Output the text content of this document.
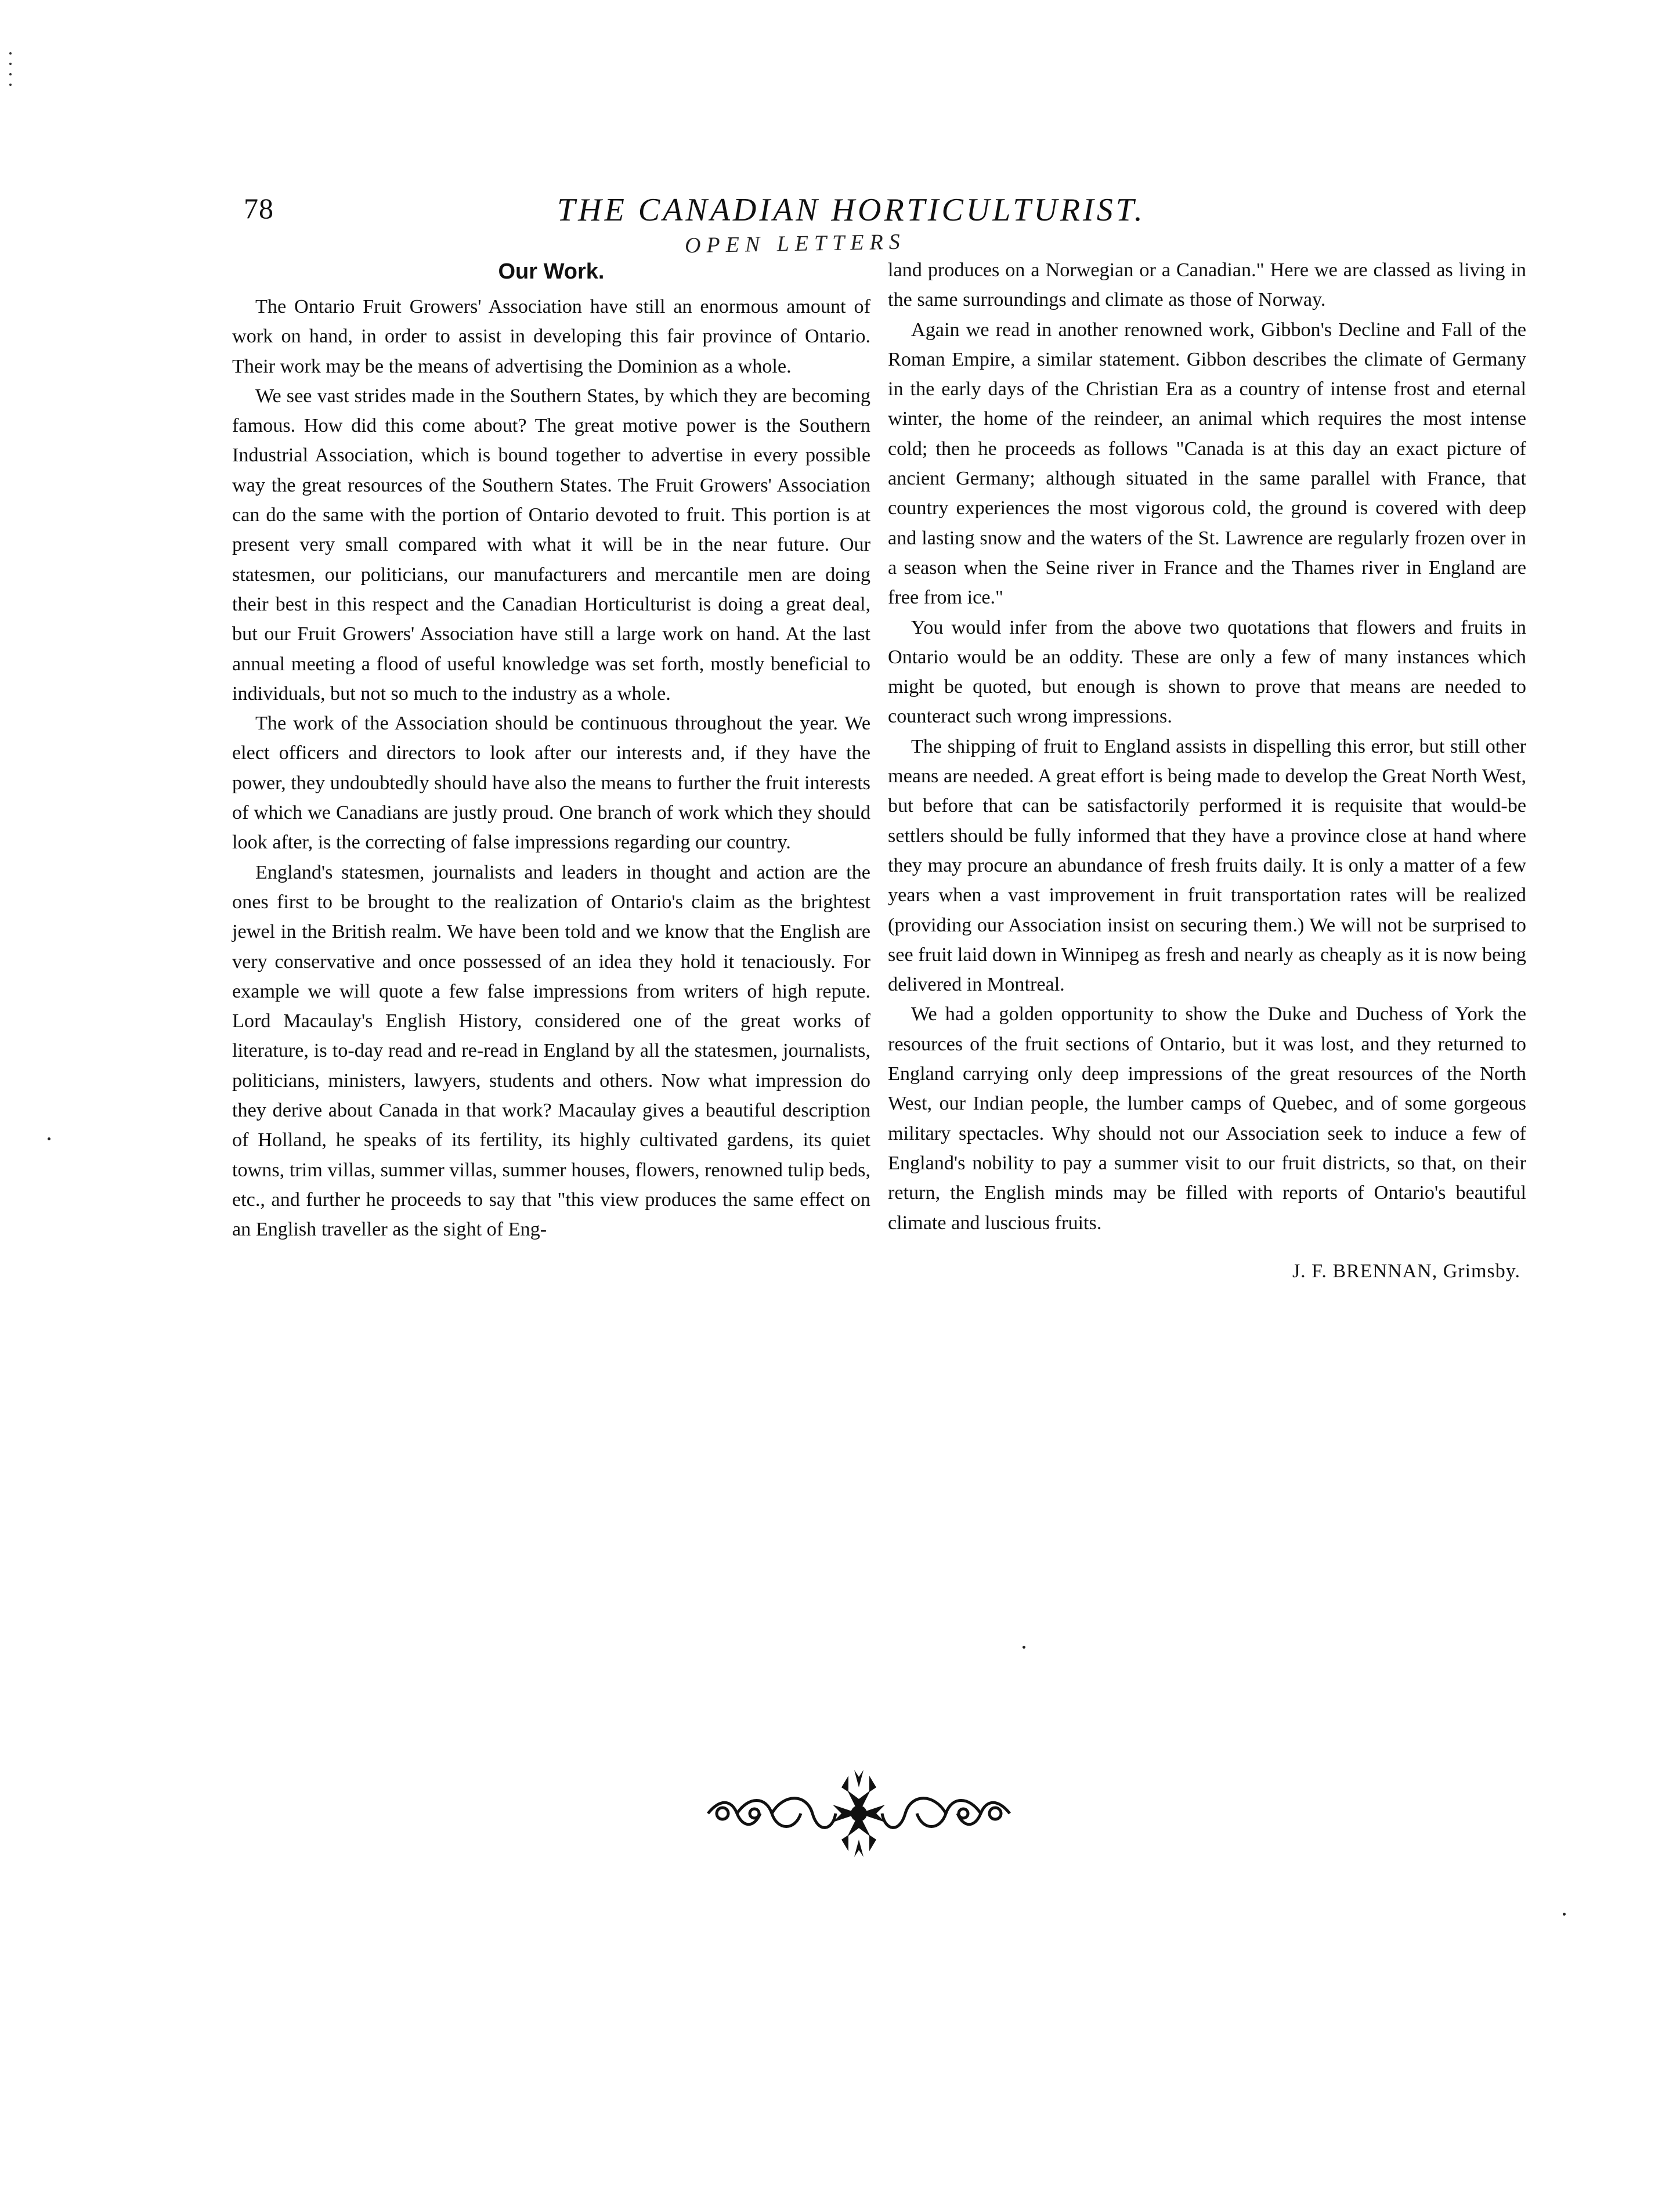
78	THE CANADIAN HORTICULTURIST.
OPEN LETTERS
Our Work.

The Ontario Fruit Growers' Association have still an enormous amount of work on hand, in order to assist in developing this fair province of Ontario. Their work may be the means of advertising the Dominion as a whole.

We see vast strides made in the Southern States, by which they are becoming famous. How did this come about? The great motive power is the Southern Industrial Association, which is bound together to advertise in every possible way the great resources of the Southern States. The Fruit Growers' Association can do the same with the portion of Ontario devoted to fruit. This portion is at present very small compared with what it will be in the near future. Our statesmen, our politicians, our manufacturers and mercantile men are doing their best in this respect and the Canadian Horticulturist is doing a great deal, but our Fruit Growers' Association have still a large work on hand. At the last annual meeting a flood of useful knowledge was set forth, mostly beneficial to individuals, but not so much to the industry as a whole.

The work of the Association should be continuous throughout the year. We elect officers and directors to look after our interests and, if they have the power, they undoubtedly should have also the means to further the fruit interests of which we Canadians are justly proud. One branch of work which they should look after, is the correcting of false impressions regarding our country.

England's statesmen, journalists and leaders in thought and action are the ones first to be brought to the realization of Ontario's claim as the brightest jewel in the British realm. We have been told and we know that the English are very conservative and once possessed of an idea they hold it tenaciously. For example we will quote a few false impressions from writers of high repute. Lord Macaulay's English History, considered one of the great works of literature, is to-day read and re-read in England by all the statesmen, journalists, politicians, ministers, lawyers, students and others. Now what impression do they derive about Canada in that work? Macaulay gives a beautiful description of Holland, he speaks of its fertility, its highly cultivated gardens, its quiet towns, trim villas, summer villas, summer houses, flowers, renowned tulip beds, etc., and further he proceeds to say that "this view produces the same effect on an English traveller as the sight of Eng-

land produces on a Norwegian or a Canadian." Here we are classed as living in the same surroundings and climate as those of Norway.

Again we read in another renowned work, Gibbon's Decline and Fall of the Roman Empire, a similar statement. Gibbon describes the climate of Germany in the early days of the Christian Era as a country of intense frost and eternal winter, the home of the reindeer, an animal which requires the most intense cold; then he proceeds as follows "Canada is at this day an exact picture of ancient Germany; although situated in the same parallel with France, that country experiences the most vigorous cold, the ground is covered with deep and lasting snow and the waters of the St. Lawrence are regularly frozen over in a season when the Seine river in France and the Thames river in England are free from ice."

You would infer from the above two quotations that flowers and fruits in Ontario would be an oddity. These are only a few of many instances which might be quoted, but enough is shown to prove that means are needed to counteract such wrong impressions.

The shipping of fruit to England assists in dispelling this error, but still other means are needed. A great effort is being made to develop the Great North West, but before that can be satisfactorily performed it is requisite that would-be settlers should be fully informed that they have a province close at hand where they may procure an abundance of fresh fruits daily. It is only a matter of a few years when a vast improvement in fruit transportation rates will be realized (providing our Association insist on securing them.) We will not be surprised to see fruit laid down in Winnipeg as fresh and nearly as cheaply as it is now being delivered in Montreal.

We had a golden opportunity to show the Duke and Duchess of York the resources of the fruit sections of Ontario, but it was lost, and they returned to England carrying only deep impressions of the great resources of the North West, our Indian people, the lumber camps of Quebec, and of some gorgeous military spectacles. Why should not our Association seek to induce a few of England's nobility to pay a summer visit to our fruit districts, so that, on their return, the English minds may be filled with reports of Ontario's beautiful climate and luscious fruits.

J. F. BRENNAN, Grimsby.
